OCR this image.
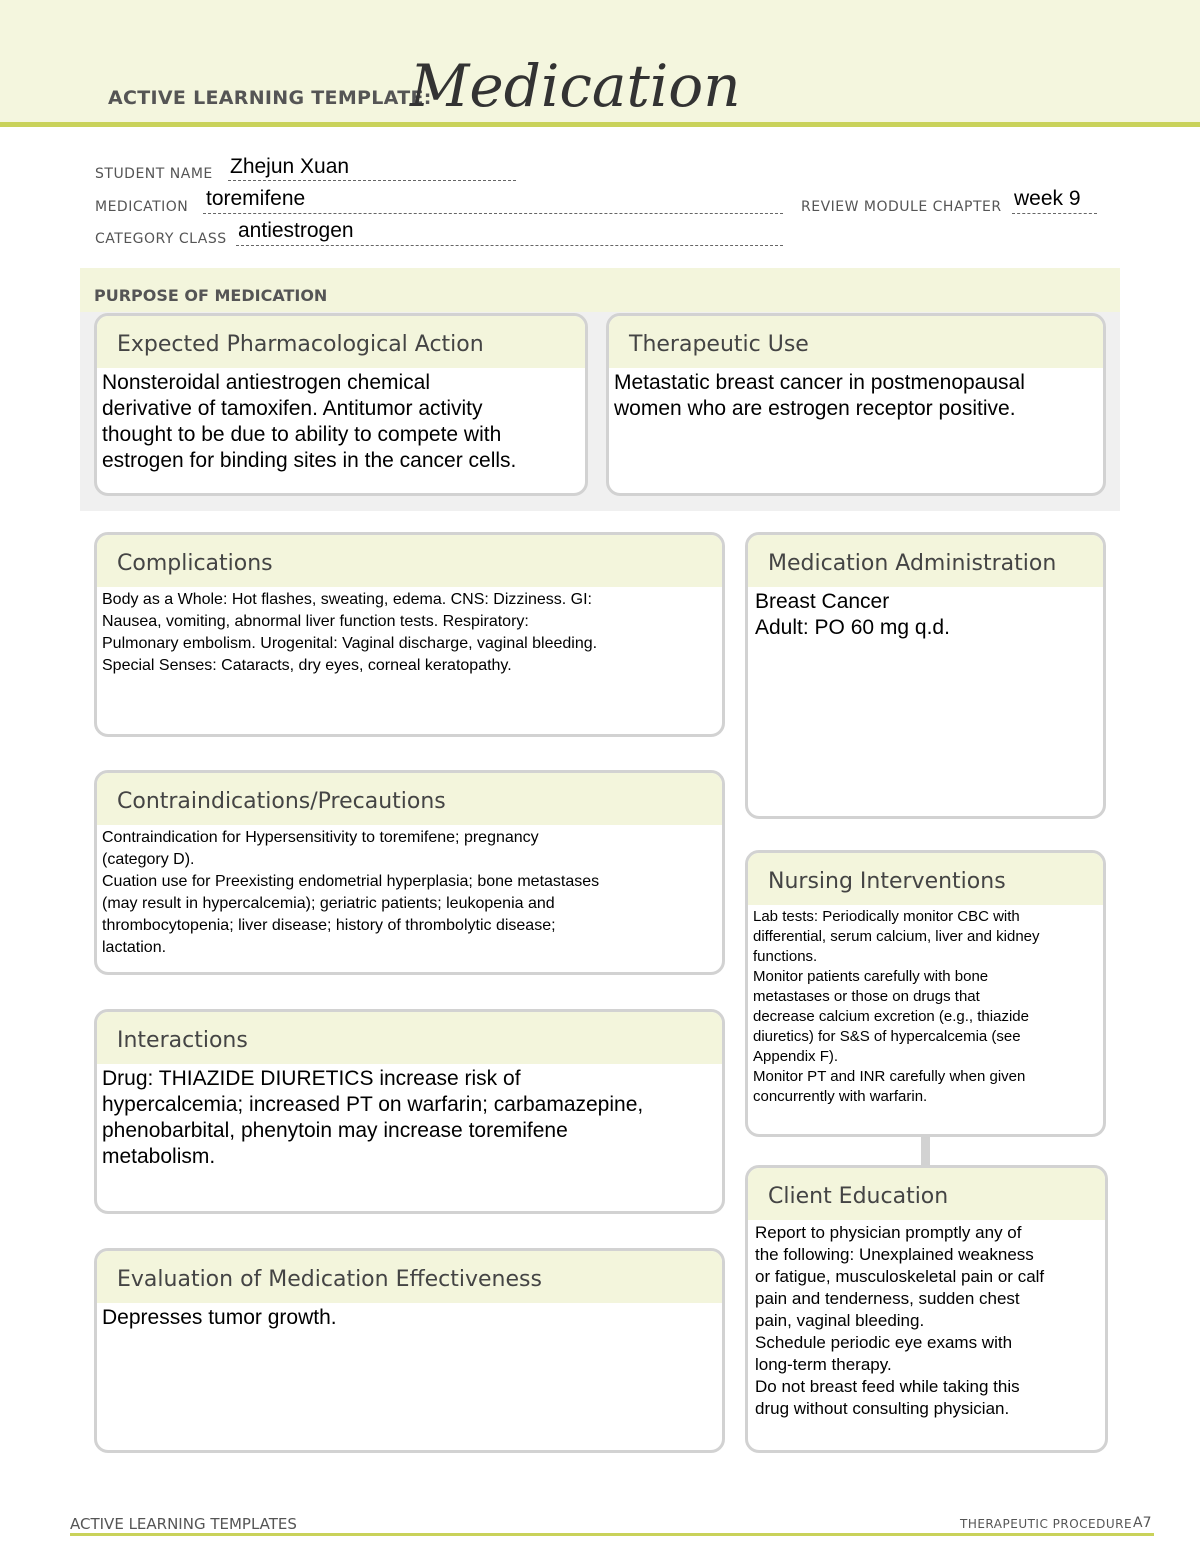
ACTIVE LEARNING TEMPLATE:
Medication
STUDENT NAME Zhejun Xuan
MEDICATION toremifene	REVIEW MODULE CHAPTER week 9
CATEGORY CLASS antiestrogen
PURPOSE OF MEDICATION
Expected Pharmacological Action
Nonsteroidal antiestrogen chemical
derivative of tamoxifen. Antitumor activity
thought to be due to ability to compete with
estrogen for binding sites in the cancer cells.
Therapeutic Use
Metastatic breast cancer in postmenopausal
women who are estrogen receptor positive.
Complications
Body as a Whole: Hot flashes, sweating, edema. CNS: Dizziness. GI:
Nausea, vomiting, abnormal liver function tests. Respiratory:
Pulmonary embolism. Urogenital: Vaginal discharge, vaginal bleeding.
Special Senses: Cataracts, dry eyes, corneal keratopathy.
Contraindications/Precautions
Contraindication for Hypersensitivity to toremifene; pregnancy
(category D).
Cuation use for Preexisting endometrial hyperplasia; bone metastases
(may result in hypercalcemia); geriatric patients; leukopenia and
thrombocytopenia; liver disease; history of thrombolytic disease;
lactation.
Interactions
Drug: THIAZIDE DIURETICS increase risk of
hypercalcemia; increased PT on warfarin; carbamazepine,
phenobarbital, phenytoin may increase toremifene
metabolism.
Evaluation of Medication Effectiveness
Depresses tumor growth.
Medication Administration
Breast Cancer
Adult: PO 60 mg q.d.
Nursing Interventions
Lab tests: Periodically monitor CBC with
differential, serum calcium, liver and kidney
functions.
Monitor patients carefully with bone
metastases or those on drugs that
decrease calcium excretion (e.g., thiazide
diuretics) for S&S of hypercalcemia (see
Appendix F).
Monitor PT and INR carefully when given
concurrently with warfarin.
Client Education
Report to physician promptly any of
the following: Unexplained weakness
or fatigue, musculoskeletal pain or calf
pain and tenderness, sudden chest
pain, vaginal bleeding.
Schedule periodic eye exams with
long-term therapy.
Do not breast feed while taking this
drug without consulting physician.
ACTIVE LEARNING TEMPLATES	THERAPEUTIC PROCEDURE A7
